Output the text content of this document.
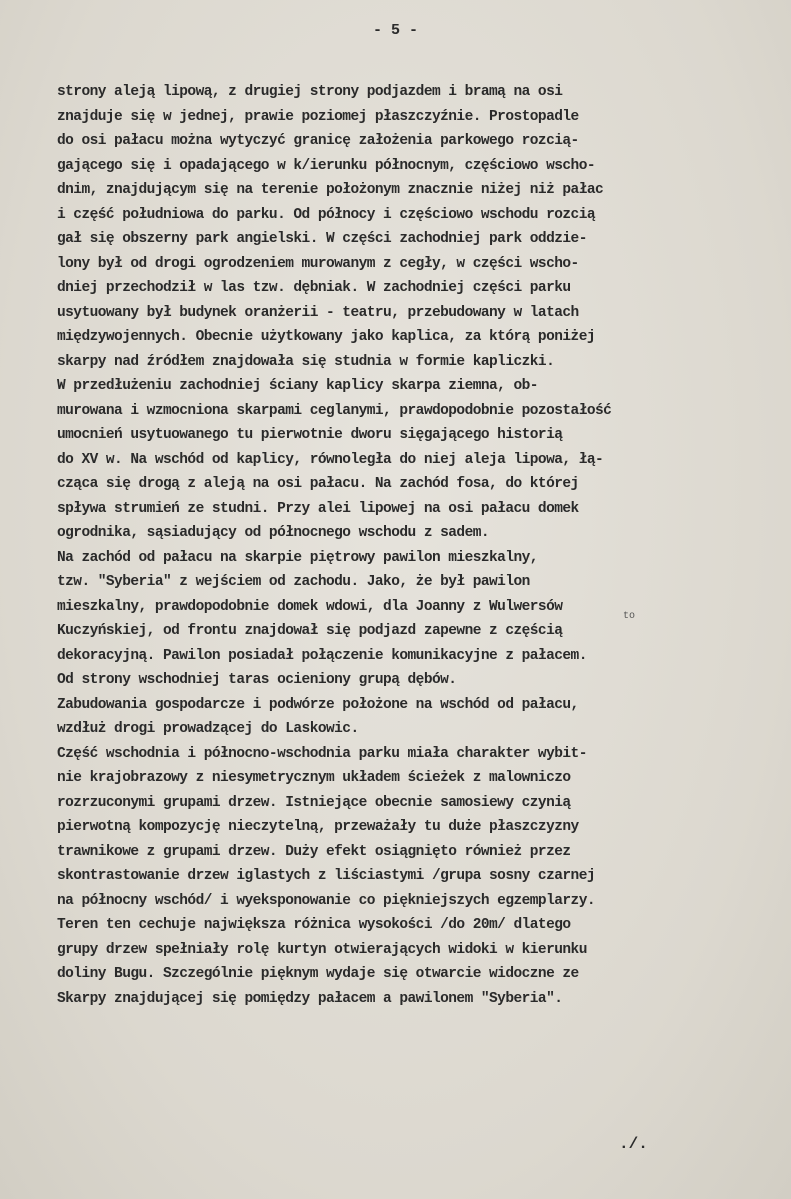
- 5 -
strony aleją lipową, z drugiej strony podjazdem i bramą na osi
znajduje się w jednej, prawie poziomej płaszczyźnie. Prostopadle
do osi pałacu można wytyczyć granicę założenia parkowego rozcią-
gającego się i opadającego w k/ierunku północnym, częściowo wscho-
dnim, znajdującym się na terenie położonym znacznie niżej niż pałac
i część południowa do parku. Od północy i częściowo wschodu rozcią
gał się obszerny park angielski. W części zachodniej park oddzie-
lony był od drogi ogrodzeniem murowanym z cegły, w części wscho-
dniej przechodził w las tzw. dębniak. W zachodniej części parku
usytuowany był budynek oranżerii - teatru, przebudowany w latach
międzywojennych. Obecnie użytkowany jako kaplica, za którą poniżej
skarpy nad źródłem znajdowała się studnia w formie kapliczki.
W przedłużeniu zachodniej ściany kaplicy skarpa ziemna, ob-
murowana i wzmocniona skarpami ceglanymi, prawdopodobnie pozostałość
umocnień usytuowanego tu pierwotnie dworu sięgającego historią
do XV w. Na wschód od kaplicy, równoległa do niej aleja lipowa, łą-
cząca się drogą z aleją na osi pałacu. Na zachód fosa, do której
spływa strumień ze studni. Przy alei lipowej na osi pałacu domek
ogrodnika, sąsiadujący od północnego wschodu z sadem.
Na zachód od pałacu na skarpie piętrowy pawilon mieszkalny,
tzw. "Syberia" z wejściem od zachodu. Jako, że był pawilon
mieszkalny, prawdopodobnie domek wdowi, dla Joanny z Wulwersów
Kuczyńskiej, od frontu znajdował się podjazd zapewne z częścią
dekoracyjną. Pawilon posiadał połączenie komunikacyjne z pałacem.
Od strony wschodniej taras ocieniony grupą dębów.
Zabudowania gospodarcze i podwórze położone na wschód od pałacu,
wzdłuż drogi prowadzącej do Laskowic.
Część wschodnia i północno-wschodnia parku miała charakter wybit-
nie krajobrazowy z niesymetrycznym układem ścieżek z malowniczo
rozrzuconymi grupami drzew. Istniejące obecnie samosiewy czynią
pierwotną kompozycję nieczytelną, przeważały tu duże płaszczyzny
trawnikowe z grupami drzew. Duży efekt osiągnięto również przez
skontrastowanie drzew iglastych z liściastymi /grupa sosny czarnej
na północny wschód/ i wyeksponowanie co piękniejszych egzemplarzy.
Teren ten cechuje największa różnica wysokości /do 20m/ dlatego
grupy drzew spełniały rolę kurtyn otwierających widoki w kierunku
doliny Bugu. Szczególnie pięknym wydaje się otwarcie widoczne ze
Skarpy znajdującej się pomiędzy pałacem a pawilonem "Syberia".
to
./.
